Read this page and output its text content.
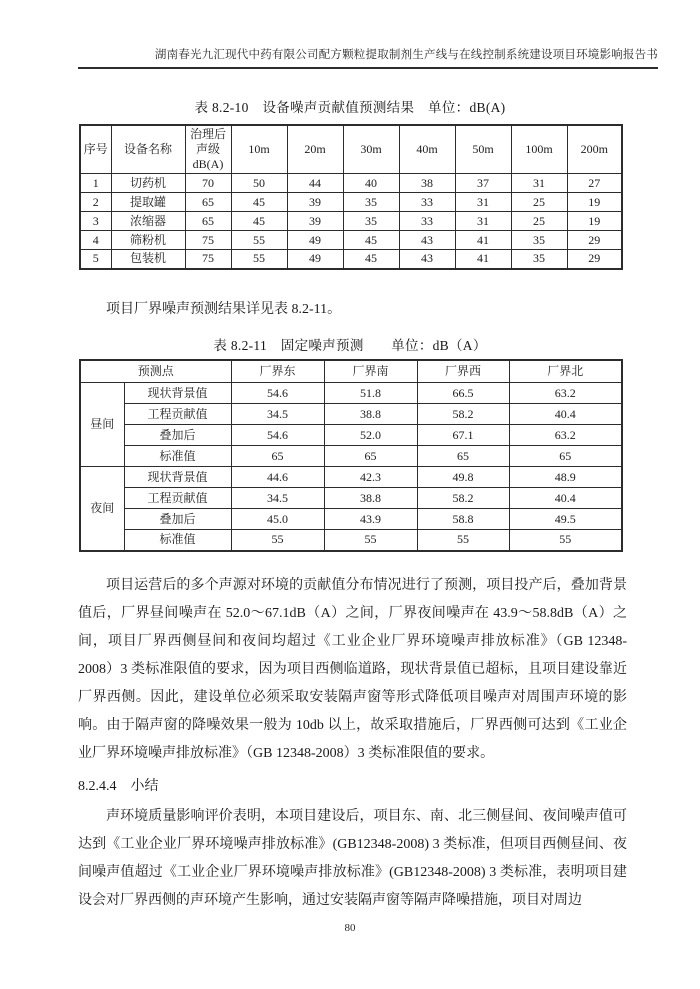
湖南春光九汇现代中药有限公司配方颗粒提取制剂生产线与在线控制系统建设项目环境影响报告书
表 8.2-10　设备噪声贡献值预测结果　单位：dB(A)
序号	设备名称	治理后声级dB(A)	10m	20m	30m	40m	50m	100m	200m
1	切药机	70	50	44	40	38	37	31	27
2	提取罐	65	45	39	35	33	31	25	19
3	浓缩器	65	45	39	35	33	31	25	19
4	筛粉机	75	55	49	45	43	41	35	29
5	包装机	75	55	49	45	43	41	35	29

项目厂界噪声预测结果详见表 8.2-11。

表 8.2-11　固定噪声预测　　单位：dB（A）
预测点		厂界东	厂界南	厂界西	厂界北
昼间	现状背景值	54.6	51.8	66.5	63.2
	工程贡献值	34.5	38.8	58.2	40.4
	叠加后	54.6	52.0	67.1	63.2
	标准值	65	65	65	65
夜间	现状背景值	44.6	42.3	49.8	48.9
	工程贡献值	34.5	38.8	58.2	40.4
	叠加后	45.0	43.9	58.8	49.5
	标准值	55	55	55	55

项目运营后的多个声源对环境的贡献值分布情况进行了预测，项目投产后，叠加背景值后，厂界昼间噪声在 52.0～67.1dB（A）之间，厂界夜间噪声在 43.9～58.8dB（A）之间，项目厂界西侧昼间和夜间均超过《工业企业厂界环境噪声排放标准》（GB 12348-2008）3 类标准限值的要求，因为项目西侧临道路，现状背景值已超标，且项目建设靠近厂界西侧。因此，建设单位必须采取安装隔声窗等形式降低项目噪声对周围声环境的影响。由于隔声窗的降噪效果一般为 10db 以上，故采取措施后，厂界西侧可达到《工业企业厂界环境噪声排放标准》（GB 12348-2008）3 类标准限值的要求。

8.2.4.4　小结

声环境质量影响评价表明，本项目建设后，项目东、南、北三侧昼间、夜间噪声值可达到《工业企业厂界环境噪声排放标准》(GB12348-2008) 3 类标准，但项目西侧昼间、夜间噪声值超过《工业企业厂界环境噪声排放标准》(GB12348-2008) 3 类标准，表明项目建设会对厂界西侧的声环境产生影响，通过安装隔声窗等隔声降噪措施，项目对周边

80
